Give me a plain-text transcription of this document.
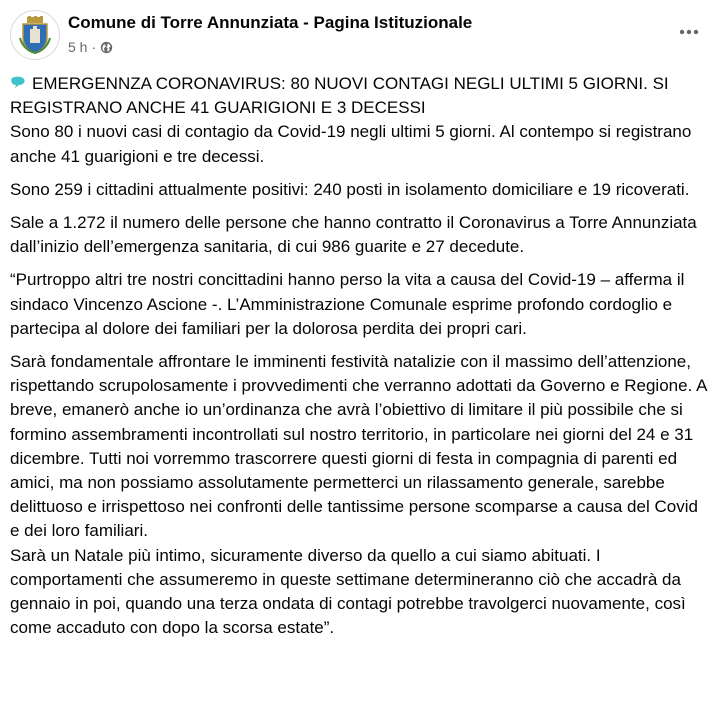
Comune di Torre Annunziata - Pagina Istituzionale
5 h ·

EMERGENNZA CORONAVIRUS: 80 NUOVI CONTAGI NEGLI ULTIMI 5 GIORNI. SI REGISTRANO ANCHE 41 GUARIGIONI E 3 DECESSI

Sono 80 i nuovi casi di contagio da Covid-19 negli ultimi 5 giorni. Al contempo si registrano anche 41 guarigioni e tre decessi.

Sono 259 i cittadini attualmente positivi: 240 posti in isolamento domiciliare e 19 ricoverati.

Sale a 1.272 il numero delle persone che hanno contratto il Coronavirus a Torre Annunziata dall’inizio dell’emergenza sanitaria, di cui 986 guarite e 27 decedute.

“Purtroppo altri tre nostri concittadini hanno perso la vita a causa del Covid-19 – afferma il sindaco Vincenzo Ascione -. L’Amministrazione Comunale esprime profondo cordoglio e partecipa al dolore dei familiari per la dolorosa perdita dei propri cari.

Sarà fondamentale affrontare le imminenti festività natalizie con il massimo dell’attenzione, rispettando scrupolosamente i provvedimenti che verranno adottati da Governo e Regione. A breve, emanerò anche io un’ordinanza che avrà l’obiettivo di limitare il più possibile che si formino assembramenti incontrollati sul nostro territorio, in particolare nei giorni del 24 e 31 dicembre. Tutti noi vorremmo trascorrere questi giorni di festa in compagnia di parenti ed amici, ma non possiamo assolutamente permetterci un rilassamento generale, sarebbe delittuoso e irrispettoso nei confronti delle tantissime persone scomparse a causa del Covid e dei loro familiari.

Sarà un Natale più intimo, sicuramente diverso da quello a cui siamo abituati. I comportamenti che assumeremo in queste settimane determineranno ciò che accadrà da gennaio in poi, quando una terza ondata di contagi potrebbe travolgerci nuovamente, così come accaduto con dopo la scorsa estate”.
